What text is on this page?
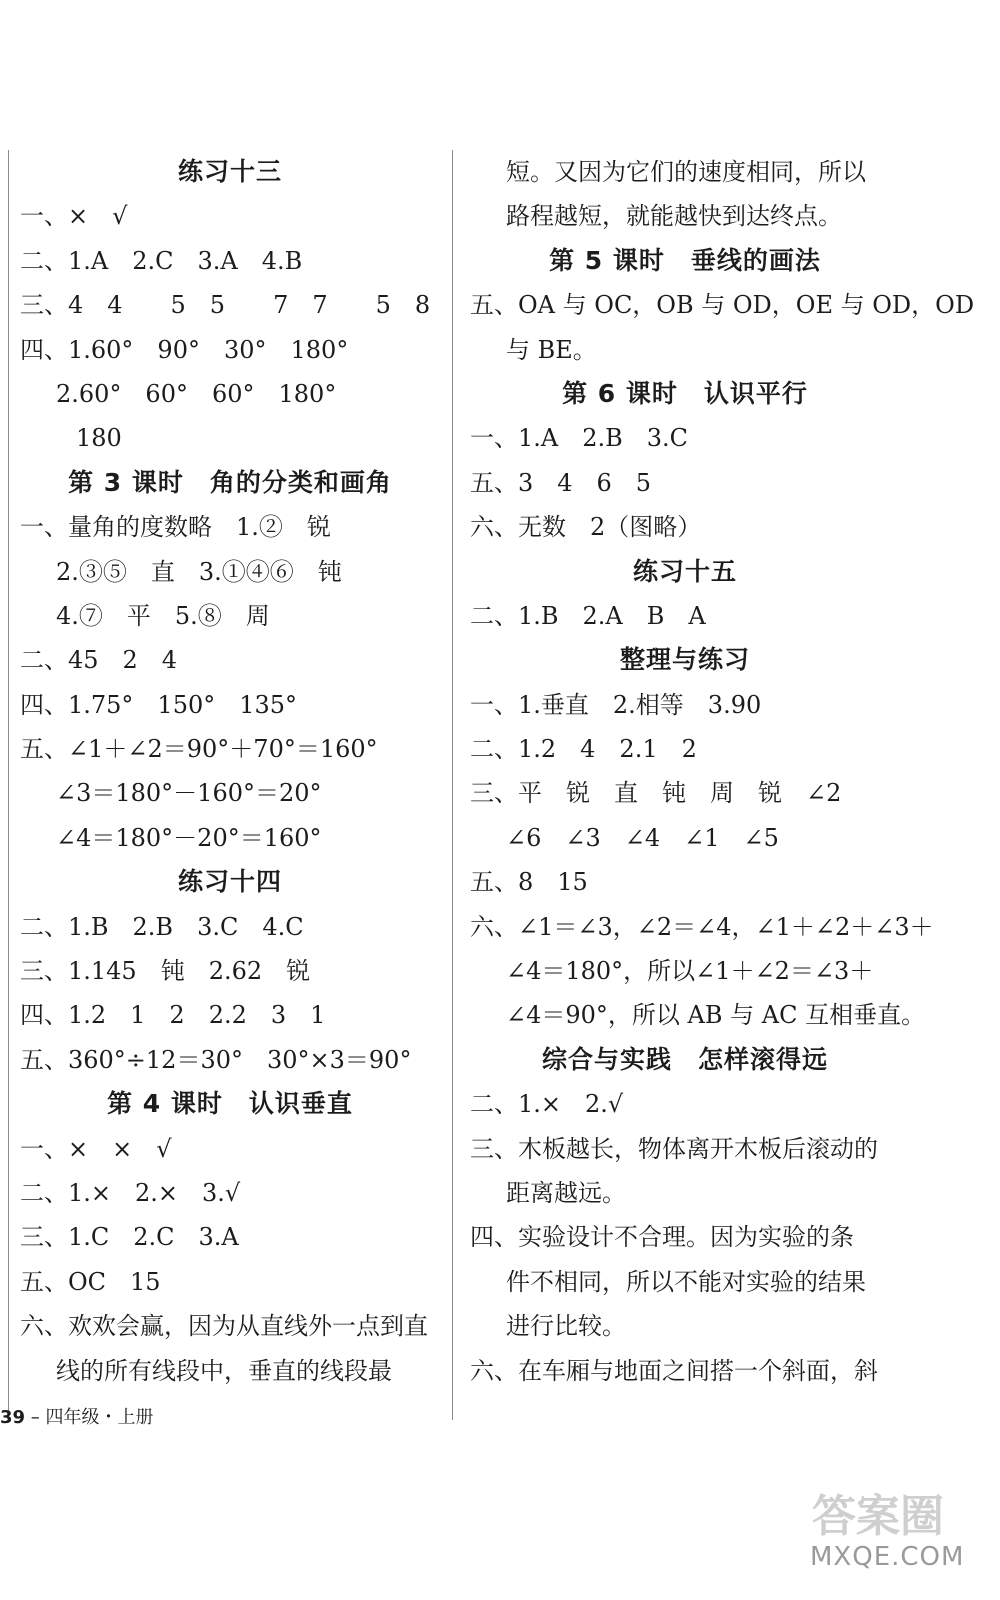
练习十三
一、×　√
二、1.A　2.C　3.A　4.B
三、4　4　　5　5　　7　7　　5　8
四、1.60°　90°　30°　180°
2.60°　60°　60°　180°
180
第 3 课时　角的分类和画角
一、量角的度数略　1.②　锐
2.③⑤　直　3.①④⑥　钝
4.⑦　平　5.⑧　周
二、45　2　4
四、1.75°　150°　135°
五、∠1＋∠2＝90°＋70°＝160°
∠3＝180°－160°＝20°
∠4＝180°－20°＝160°
练习十四
二、1.B　2.B　3.C　4.C
三、1.145　钝　2.62　锐
四、1.2　1　2　2.2　3　1
五、360°÷12＝30°　30°×3＝90°
第 4 课时　认识垂直
一、×　×　√
二、1.×　2.×　3.√
三、1.C　2.C　3.A
五、OC　15
六、欢欢会赢，因为从直线外一点到直
线的所有线段中，垂直的线段最
短。又因为它们的速度相同，所以
路程越短，就能越快到达终点。
第 5 课时　垂线的画法
五、OA 与 OC，OB 与 OD，OE 与 OD，OD
与 BE。
第 6 课时　认识平行
一、1.A　2.B　3.C
五、3　4　6　5
六、无数　2（图略）
练习十五
二、1.B　2.A　B　A
整理与练习
一、1.垂直　2.相等　3.90
二、1.2　4　2.1　2
三、平　锐　直　钝　周　锐　∠2
∠6　∠3　∠4　∠1　∠5
五、8　15
六、∠1＝∠3，∠2＝∠4，∠1＋∠2＋∠3＋
∠4＝180°，所以∠1＋∠2＝∠3＋
∠4＝90°，所以 AB 与 AC 互相垂直。
综合与实践　怎样滚得远
二、1.×　2.√
三、木板越长，物体离开木板后滚动的
距离越远。
四、实验设计不合理。因为实验的条
件不相同，所以不能对实验的结果
进行比较。
六、在车厢与地面之间搭一个斜面，斜
39 – 四年级・上册
答案圈
MXQE.COM
